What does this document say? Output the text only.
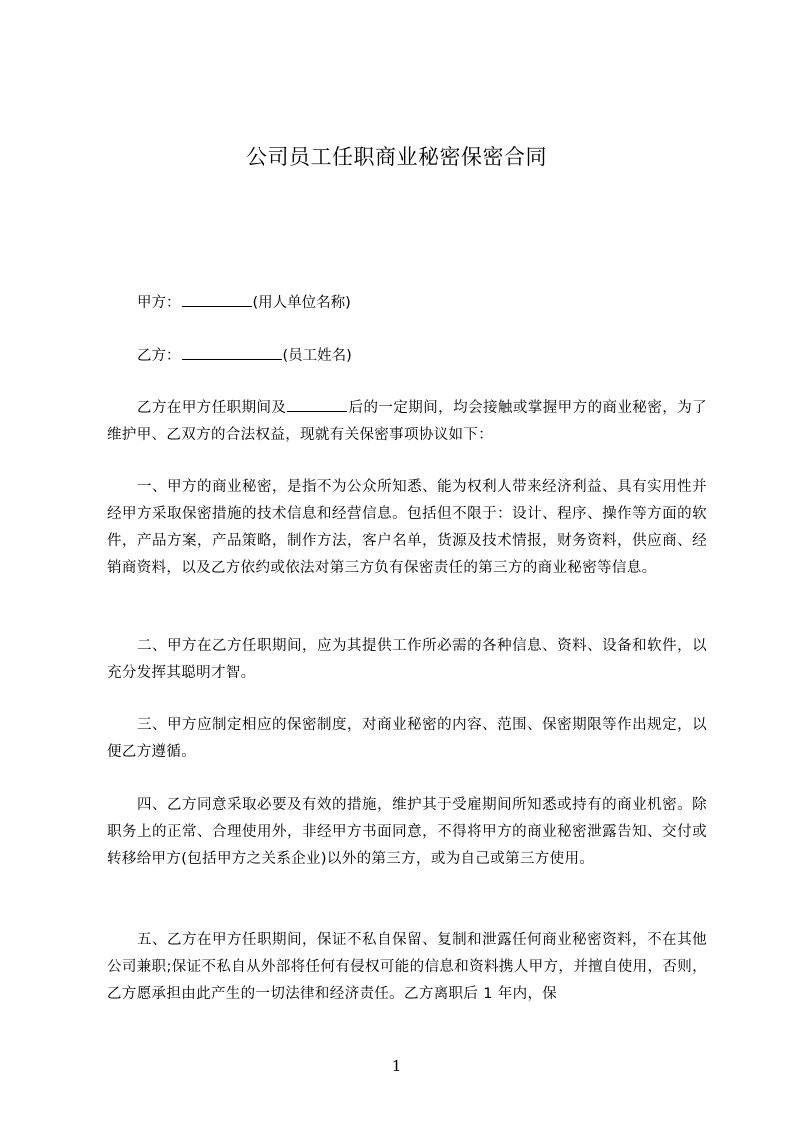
公司员工任职商业秘密保密合同

甲方：	(用人单位名称)

乙方：	(员工姓名)

乙方在甲方任职期间及	后的一定期间，均会接触或掌握甲方的商业秘密，为了维护甲、乙双方的合法权益，现就有关保密事项协议如下：

一、甲方的商业秘密，是指不为公众所知悉、能为权利人带来经济利益、具有实用性并经甲方采取保密措施的技术信息和经营信息。包括但不限于：设计、程序、操作等方面的软件，产品方案，产品策略，制作方法，客户名单，货源及技术情报，财务资料，供应商、经销商资料，以及乙方依约或依法对第三方负有保密责任的第三方的商业秘密等信息。

二、甲方在乙方任职期间，应为其提供工作所必需的各种信息、资料、设备和软件，以充分发挥其聪明才智。

三、甲方应制定相应的保密制度，对商业秘密的内容、范围、保密期限等作出规定，以便乙方遵循。

四、乙方同意采取必要及有效的措施，维护其于受雇期间所知悉或持有的商业机密。除职务上的正常、合理使用外，非经甲方书面同意，不得将甲方的商业秘密泄露告知、交付或转移给甲方(包括甲方之关系企业)以外的第三方，或为自己或第三方使用。

五、乙方在甲方任职期间，保证不私自保留、复制和泄露任何商业秘密资料，不在其他公司兼职;保证不私自从外部将任何有侵权可能的信息和资料携人甲方，并擅自使用，否则，乙方愿承担由此产生的一切法律和经济责任。乙方离职后 1 年内，保

1
